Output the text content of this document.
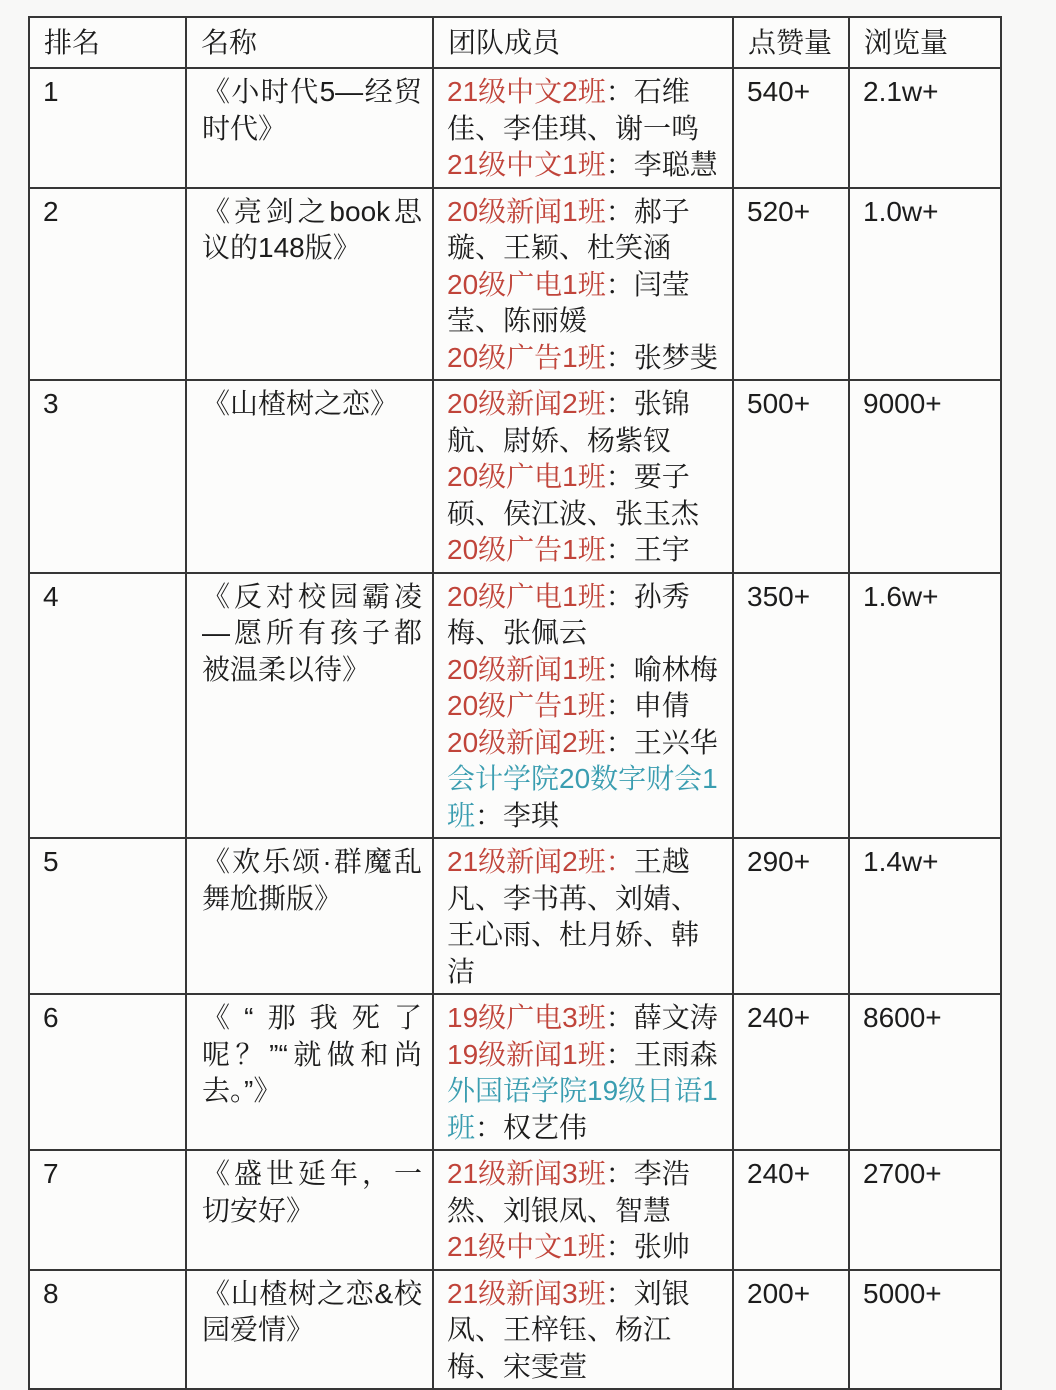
排名	名称	团队成员	点赞量	浏览量
1	《小时代5—经贸时代》	21级中文2班：石维佳、李佳琪、谢一鸣
21级中文1班：李聪慧	540+	2.1w+
2	《亮剑之book思议的148版》	20级新闻1班：郝子璇、王颖、杜笑涵
20级广电1班：闫莹莹、陈丽媛
20级广告1班：张梦斐	520+	1.0w+
3	《山楂树之恋》	20级新闻2班：张锦航、尉娇、杨紫钗
20级广电1班：要子硕、侯江波、张玉杰
20级广告1班：王宇	500+	9000+
4	《反对校园霸凌—愿所有孩子都被温柔以待》	20级广电1班：孙秀梅、张佩云
20级新闻1班：喻林梅
20级广告1班：申倩
20级新闻2班：王兴华
会计学院20数字财会1班：李琪	350+	1.6w+
5	《欢乐颂·群魔乱舞尬撕版》	21级新闻2班：王越凡、李书苒、刘婧、王心雨、杜月娇、韩洁	290+	1.4w+
6	《“那我死了呢？”“就做和尚去。”》	19级广电3班：薛文涛
19级新闻1班：王雨森
外国语学院19级日语1班：权艺伟	240+	8600+
7	《盛世延年，一切安好》	21级新闻3班：李浩然、刘银凤、智慧
21级中文1班：张帅	240+	2700+
8	《山楂树之恋&校园爱情》	21级新闻3班：刘银凤、王梓钰、杨江梅、宋雯萱	200+	5000+
